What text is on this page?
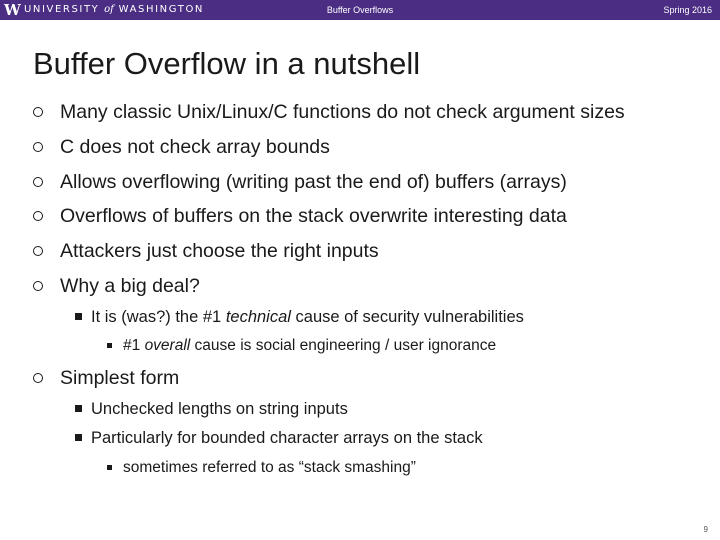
W UNIVERSITY of WASHINGTON	Buffer Overflows	Spring 2016
Buffer Overflow in a nutshell
Many classic Unix/Linux/C functions do not check argument sizes
C does not check array bounds
Allows overflowing (writing past the end of) buffers (arrays)
Overflows of buffers on the stack overwrite interesting data
Attackers just choose the right inputs
Why a big deal?
It is (was?) the #1 technical cause of security vulnerabilities
#1 overall cause is social engineering / user ignorance
Simplest form
Unchecked lengths on string inputs
Particularly for bounded character arrays on the stack
sometimes referred to as “stack smashing”
9
